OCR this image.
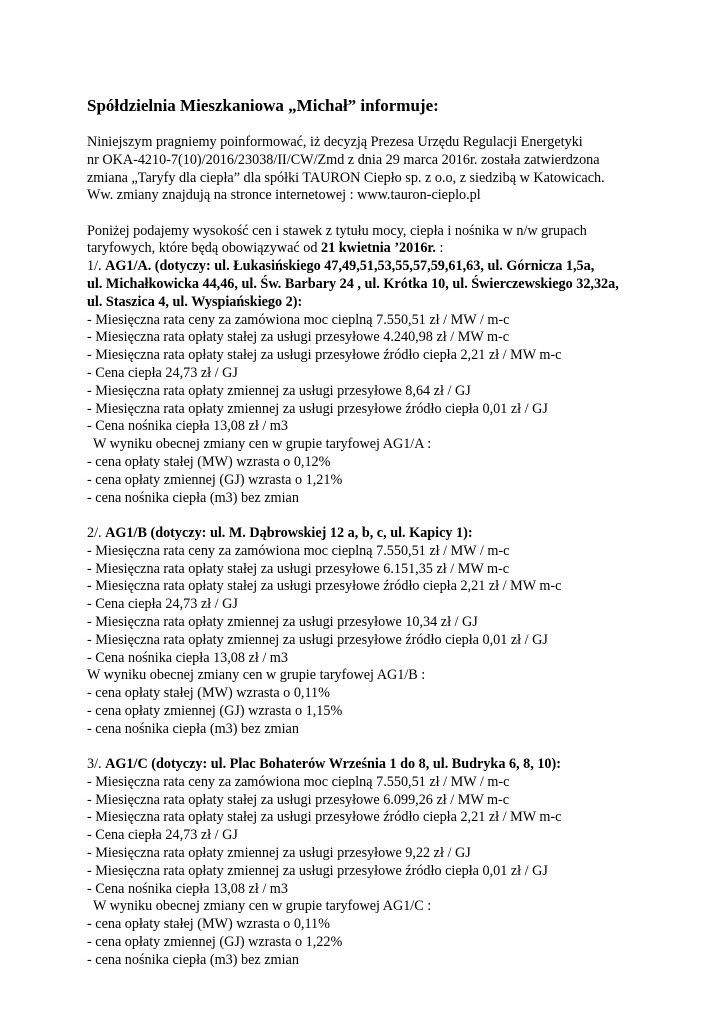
Spółdzielnia Mieszkaniowa „Michał” informuje:
Niniejszym pragniemy poinformować, iż decyzją Prezesa Urzędu Regulacji Energetyki
nr OKA-4210-7(10)/2016/23038/II/CW/Zmd z dnia 29 marca 2016r. została zatwierdzona
zmiana „Taryfy dla ciepła” dla spółki TAURON Ciepło sp. z o.o, z siedzibą w Katowicach.
Ww. zmiany znajdują na stronce internetowej : www.tauron-cieplo.pl
Poniżej podajemy wysokość cen i stawek z tytułu mocy, ciepła i nośnika w n/w grupach
taryfowych, które będą obowiązywać od 21 kwietnia ’2016r. :
1/. AG1/A. (dotyczy: ul. Łukasińskiego 47,49,51,53,55,57,59,61,63, ul. Górnicza 1,5a,
ul. Michałkowicka 44,46, ul. Św. Barbary 24 , ul. Krótka 10, ul. Świerczewskiego 32,32a,
ul. Staszica 4, ul. Wyspiańskiego 2):
- Miesięczna rata ceny za zamówiona moc cieplną 7.550,51 zł / MW / m-c
- Miesięczna rata opłaty stałej za usługi przesyłowe 4.240,98 zł / MW m-c
- Miesięczna rata opłaty stałej za usługi przesyłowe źródło ciepła 2,21 zł / MW m-c
- Cena ciepła 24,73 zł / GJ
- Miesięczna rata opłaty zmiennej za usługi przesyłowe 8,64 zł / GJ
- Miesięczna rata opłaty zmiennej za usługi przesyłowe źródło ciepła 0,01 zł / GJ
- Cena nośnika ciepła 13,08 zł / m3
W wyniku obecnej zmiany cen w grupie taryfowej AG1/A :
- cena opłaty stałej (MW) wzrasta o 0,12%
- cena opłaty zmiennej (GJ) wzrasta o 1,21%
- cena nośnika ciepła (m3) bez zmian
2/. AG1/B (dotyczy: ul. M. Dąbrowskiej 12 a, b, c, ul. Kapicy 1):
- Miesięczna rata ceny za zamówiona moc cieplną 7.550,51 zł / MW / m-c
- Miesięczna rata opłaty stałej za usługi przesyłowe 6.151,35 zł / MW m-c
- Miesięczna rata opłaty stałej za usługi przesyłowe źródło ciepła 2,21 zł / MW m-c
- Cena ciepła 24,73 zł / GJ
- Miesięczna rata opłaty zmiennej za usługi przesyłowe 10,34 zł / GJ
- Miesięczna rata opłaty zmiennej za usługi przesyłowe źródło ciepła 0,01 zł / GJ
- Cena nośnika ciepła 13,08 zł / m3
W wyniku obecnej zmiany cen w grupie taryfowej AG1/B :
- cena opłaty stałej (MW) wzrasta o 0,11%
- cena opłaty zmiennej (GJ) wzrasta o 1,15%
- cena nośnika ciepła (m3) bez zmian
3/. AG1/C (dotyczy: ul. Plac Bohaterów Września 1 do 8, ul. Budryka 6, 8, 10):
- Miesięczna rata ceny za zamówiona moc cieplną 7.550,51 zł / MW / m-c
- Miesięczna rata opłaty stałej za usługi przesyłowe 6.099,26 zł / MW m-c
- Miesięczna rata opłaty stałej za usługi przesyłowe źródło ciepła 2,21 zł / MW m-c
- Cena ciepła 24,73 zł / GJ
- Miesięczna rata opłaty zmiennej za usługi przesyłowe 9,22 zł / GJ
- Miesięczna rata opłaty zmiennej za usługi przesyłowe źródło ciepła 0,01 zł / GJ
- Cena nośnika ciepła 13,08 zł / m3
W wyniku obecnej zmiany cen w grupie taryfowej AG1/C :
- cena opłaty stałej (MW) wzrasta o 0,11%
- cena opłaty zmiennej (GJ) wzrasta o 1,22%
- cena nośnika ciepła (m3) bez zmian
